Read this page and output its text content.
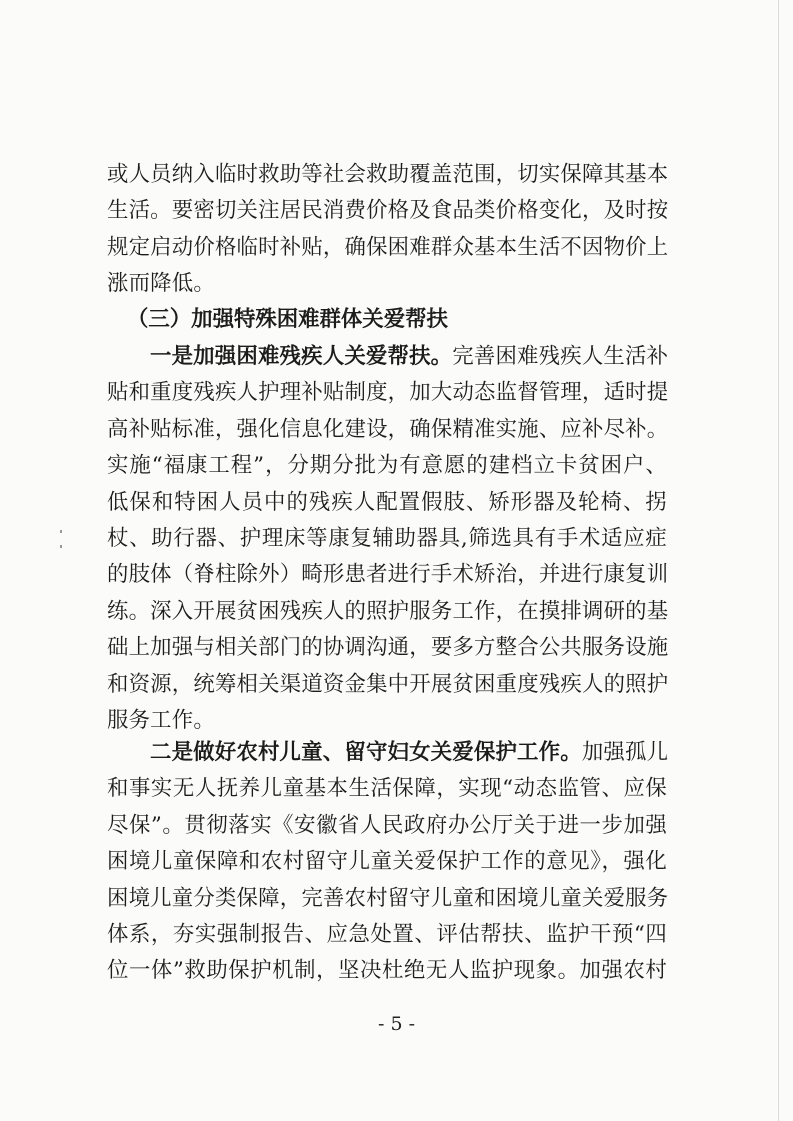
或人员纳入临时救助等社会救助覆盖范围，切实保障其基本
生活。要密切关注居民消费价格及食品类价格变化，及时按
规定启动价格临时补贴，确保困难群众基本生活不因物价上
涨而降低。
一是加强困难残疾人关爱帮扶。完善困难残疾人生活补
贴和重度残疾人护理补贴制度，加大动态监督管理，适时提
高补贴标准，强化信息化建设，确保精准实施、应补尽补。
实施“福康工程”，分期分批为有意愿的建档立卡贫困户、
低保和特困人员中的残疾人配置假肢、矫形器及轮椅、拐
杖、助行器、护理床等康复辅助器具,筛选具有手术适应症
的肢体（脊柱除外）畸形患者进行手术矫治，并进行康复训
练。深入开展贫困残疾人的照护服务工作，在摸排调研的基
础上加强与相关部门的协调沟通，要多方整合公共服务设施
和资源，统筹相关渠道资金集中开展贫困重度残疾人的照护
服务工作。
二是做好农村儿童、留守妇女关爱保护工作。加强孤儿
和事实无人抚养儿童基本生活保障，实现“动态监管、应保
尽保”。贯彻落实《安徽省人民政府办公厅关于进一步加强
困境儿童保障和农村留守儿童关爱保护工作的意见》，强化
困境儿童分类保障，完善农村留守儿童和困境儿童关爱服务
体系，夯实强制报告、应急处置、评估帮扶、监护干预“四
位一体”救助保护机制，坚决杜绝无人监护现象。加强农村
（三）加强特殊困难群体关爱帮扶
- 5 -
